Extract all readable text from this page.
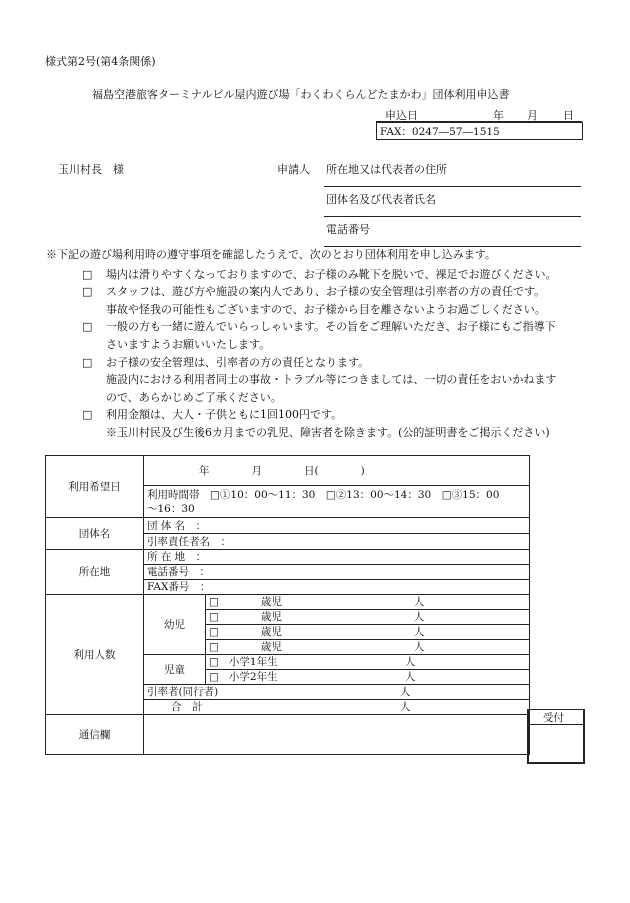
様式第2号(第4条関係)
福島空港旅客ターミナルビル屋内遊び場「わくわくらんどたまかわ」団体利用申込書
申込日	年 月 日
FAX：0247―57―1515
玉川村長　様	申請人 所在地又は代表者の住所
団体名及び代表者氏名
電話番号
※下記の遊び場利用時の遵守事項を確認したうえで、次のとおり団体利用を申し込みます。
□ 場内は滑りやすくなっておりますので、お子様のみ靴下を脱いで、裸足でお遊びください。
□ スタッフは、遊び方や施設の案内人であり、お子様の安全管理は引率者の方の責任です。
事故や怪我の可能性もございますので、お子様から目を離さないようお過ごしください。
□ 一般の方も一緒に遊んでいらっしゃいます。その旨をご理解いただき、お子様にもご指導下
さいますようお願いいたします。
□ お子様の安全管理は、引率者の方の責任となります。
施設内における利用者同士の事故・トラブル等につきましては、一切の責任をおいかねます
ので、あらかじめご了承ください。
□ 利用金額は、大人・子供ともに1回100円です。
※玉川村民及び生後6カ月までの乳児、障害者を除きます。(公的証明書をご掲示ください)
利用希望日	年　　　　月　　　　日(　　　　)	

	利用時間帯　□①10：00～11：30　□②13：00～14：30　□③15：00
～16：30	

団体名	団 体 名　：	
	引率責任者名　：	
所在地	所 在 地　：	
	電話番号　：	
	FAX番号　：	
利用人数	幼児	□ 歳児 人
		□ 歳児 人
		□ 歳児 人
		□ 歳児 人
	児童	□ 小学1年生 人
		□ 小学2年生 人
	引率者(同行者) 人	
	合　計 人	
通信欄		
受付
